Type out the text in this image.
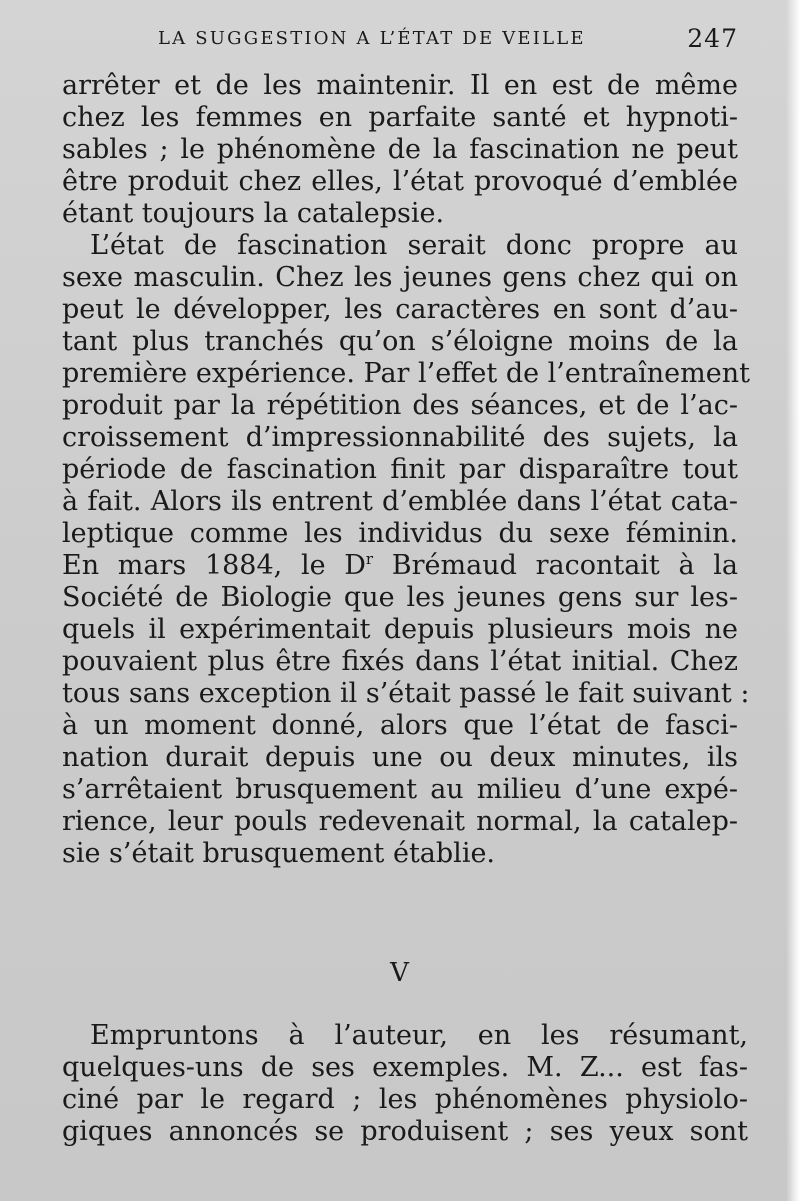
LA SUGGESTION A L’ÉTAT DE VEILLE	247
arrêter et de les maintenir. Il en est de même
chez les femmes en parfaite santé et hypnoti-
sables ; le phénomène de la fascination ne peut
être produit chez elles, l’état provoqué d’emblée
étant toujours la catalepsie.
L’état de fascination serait donc propre au
sexe masculin. Chez les jeunes gens chez qui on
peut le développer, les caractères en sont d’au-
tant plus tranchés qu’on s’éloigne moins de la
première expérience. Par l’effet de l’entraînement
produit par la répétition des séances, et de l’ac-
croissement d’impressionnabilité des sujets, la
période de fascination finit par disparaître tout
à fait. Alors ils entrent d’emblée dans l’état cata-
leptique comme les individus du sexe féminin.
En mars 1884, le $D^r$ Brémaud racontait à la
Société de Biologie que les jeunes gens sur les-
quels il expérimentait depuis plusieurs mois ne
pouvaient plus être fixés dans l’état initial. Chez
tous sans exception il s’était passé le fait suivant :
à un moment donné, alors que l’état de fasci-
nation durait depuis une ou deux minutes, ils
s’arrêtaient brusquement au milieu d’une expé-
rience, leur pouls redevenait normal, la catalep-
sie s’était brusquement établie.
V
Empruntons à l’auteur, en les résumant,
quelques-uns de ses exemples. M. Z... est fas-
ciné par le regard ; les phénomènes physiolo-
giques annoncés se produisent ; ses yeux sont
